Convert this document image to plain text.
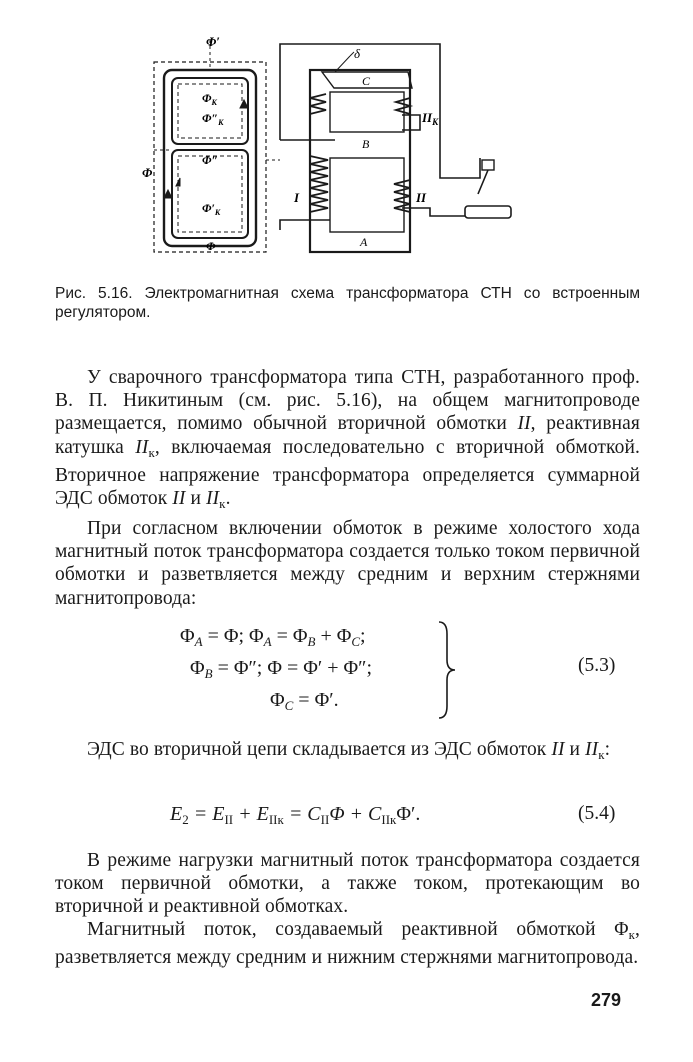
Φ′
$\Phi_К$
$\Phi''_К$
Φ″
Φ
$\Phi'_К$
Φ
δ
C
B
A
I	II
$II_К$
Рис. 5.16. Электромагнитная схема трансформатора СТН со встроенным регулятором.

У сварочного трансформатора типа СТН, разработанного проф. В. П. Никитиным (см. рис. 5.16), на общем магнитопроводе размещается, помимо обычной вторичной обмотки II, реактивная катушка $II_к$, включаемая последовательно с вторичной обмоткой. Вторичное напряжение трансформатора определяется суммарной ЭДС обмоток II и $II_к$.

При согласном включении обмоток в режиме холостого хода магнитный поток трансформатора создается только током первичной обмотки и разветвляется между средним и верхним стержнями магнитопровода:

$\Phi_A = \Phi$; $\Phi_A = \Phi_B + \Phi_C$;
$\Phi_B = \Phi''$; Φ = Φ′ + Φ″;
$\Phi_C = \Phi'$.
(5.3)

ЭДС во вторичной цепи складывается из ЭДС обмоток II и $II_к$:

$E_2 = E_{II} + E_{IIк} = C_{II}\Phi + C_{IIк}\Phi'$.	(5.4)

В режиме нагрузки магнитный поток трансформатора создается током первичной обмотки, а также током, протекающим во вторичной и реактивной обмотках.

Магнитный поток, создаваемый реактивной обмоткой $\Phi_к$, разветвляется между средним и нижним стержнями магнитопровода.

279
